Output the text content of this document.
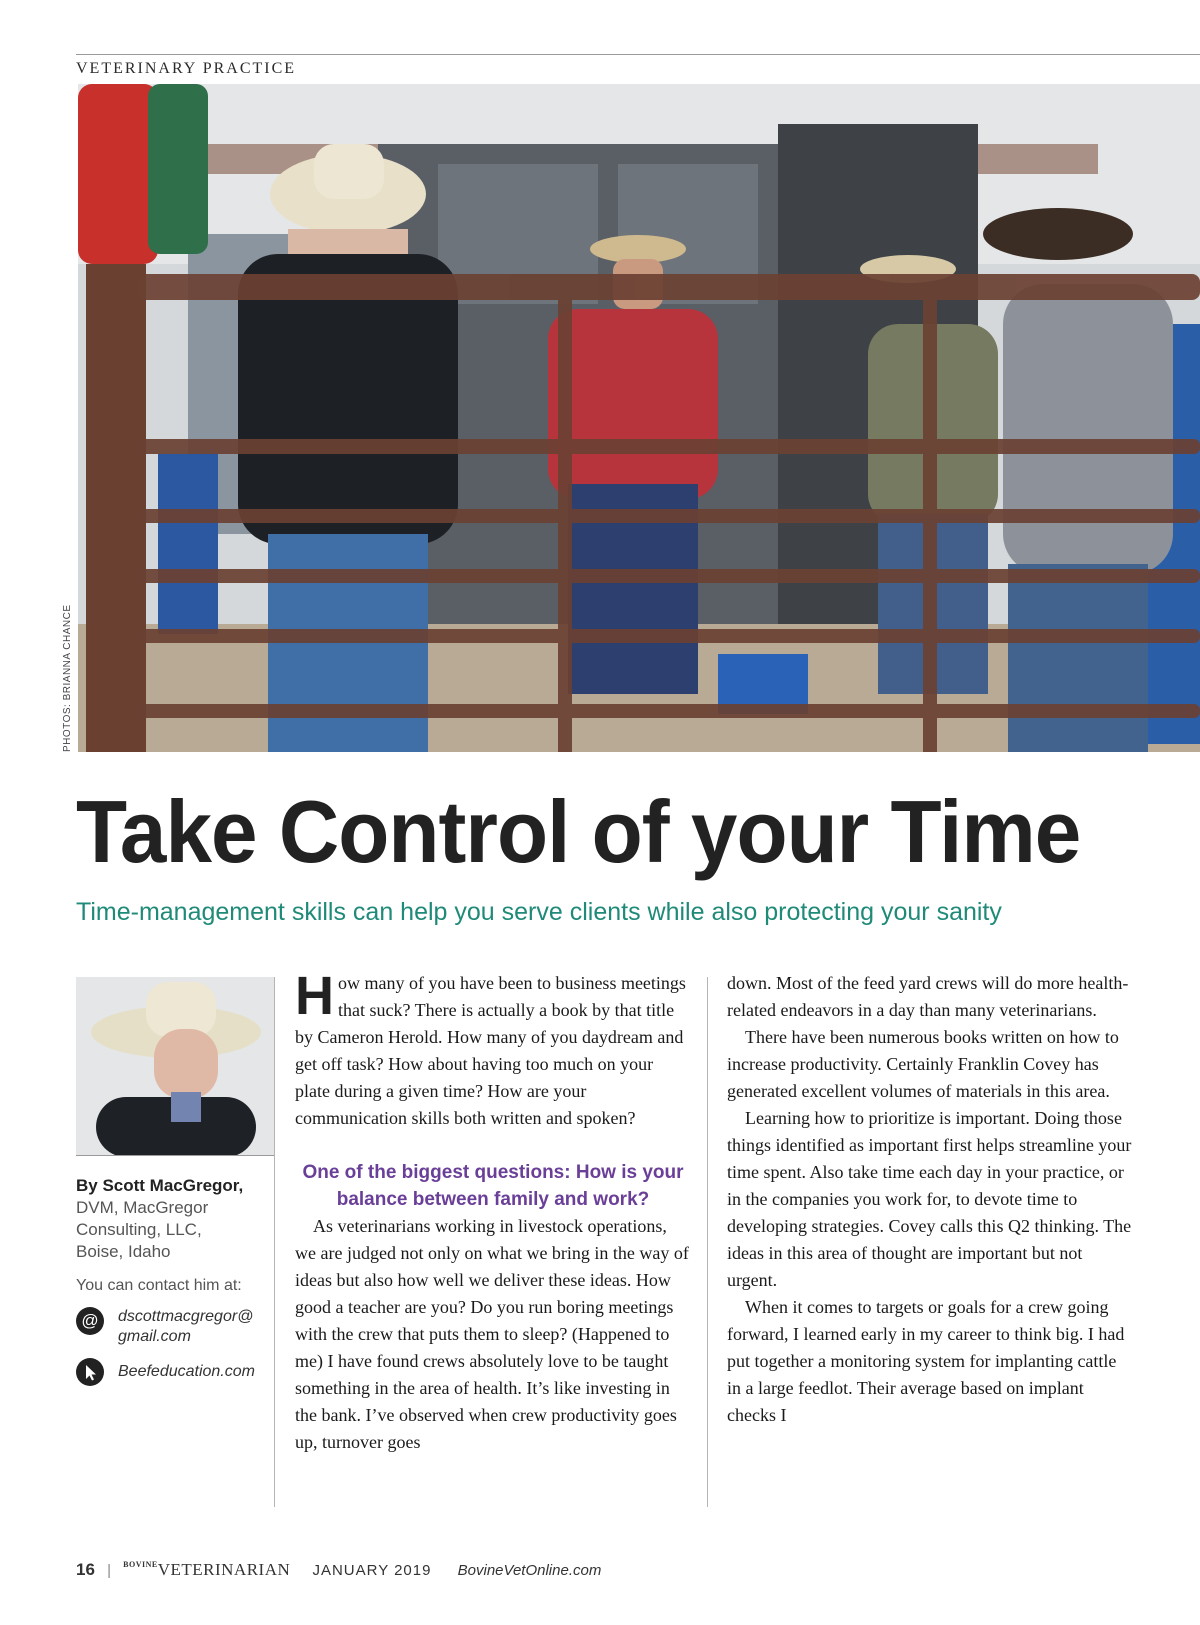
VETERINARY PRACTICE
PHOTOS: BRIANNA CHANCE
Take Control of your Time
Time-management skills can help you serve clients while also protecting your sanity
By Scott MacGregor,
DVM, MacGregor Consulting, LLC, Boise, Idaho
You can contact him at:
@	dscottmacgregor@ gmail.com
Beefeducation.com

H ow many of you have been to business meetings that suck? There is actually a book by that title by Cameron Herold. How many of you daydream and get off task? How about having too much on your plate during a given time? How are your communication skills both written and spoken?

One of the biggest questions: How is your balance between family and work?

As veterinarians working in livestock operations, we are judged not only on what we bring in the way of ideas but also how well we deliver these ideas. How good a teacher are you? Do you run boring meetings with the crew that puts them to sleep? (Happened to me) I have found crews absolutely love to be taught something in the area of health. It’s like investing in the bank. I’ve observed when crew productivity goes up, turnover goes

down. Most of the feed yard crews will do more health-related endeavors in a day than many veterinarians.

There have been numerous books written on how to increase productivity. Certainly Franklin Covey has generated excellent volumes of materials in this area.

Learning how to prioritize is important. Doing those things identified as important first helps streamline your time spent. Also take time each day in your practice, or in the companies you work for, to devote time to developing strategies. Covey calls this Q2 thinking. The ideas in this area of thought are important but not urgent.

When it comes to targets or goals for a crew going forward, I learned early in my career to think big. I had put together a monitoring system for implanting cattle in a large feedlot. Their average based on implant checks I

16 | $^{BOVINE}$VETERINARIAN JANUARY 2019 BovineVetOnline.com
